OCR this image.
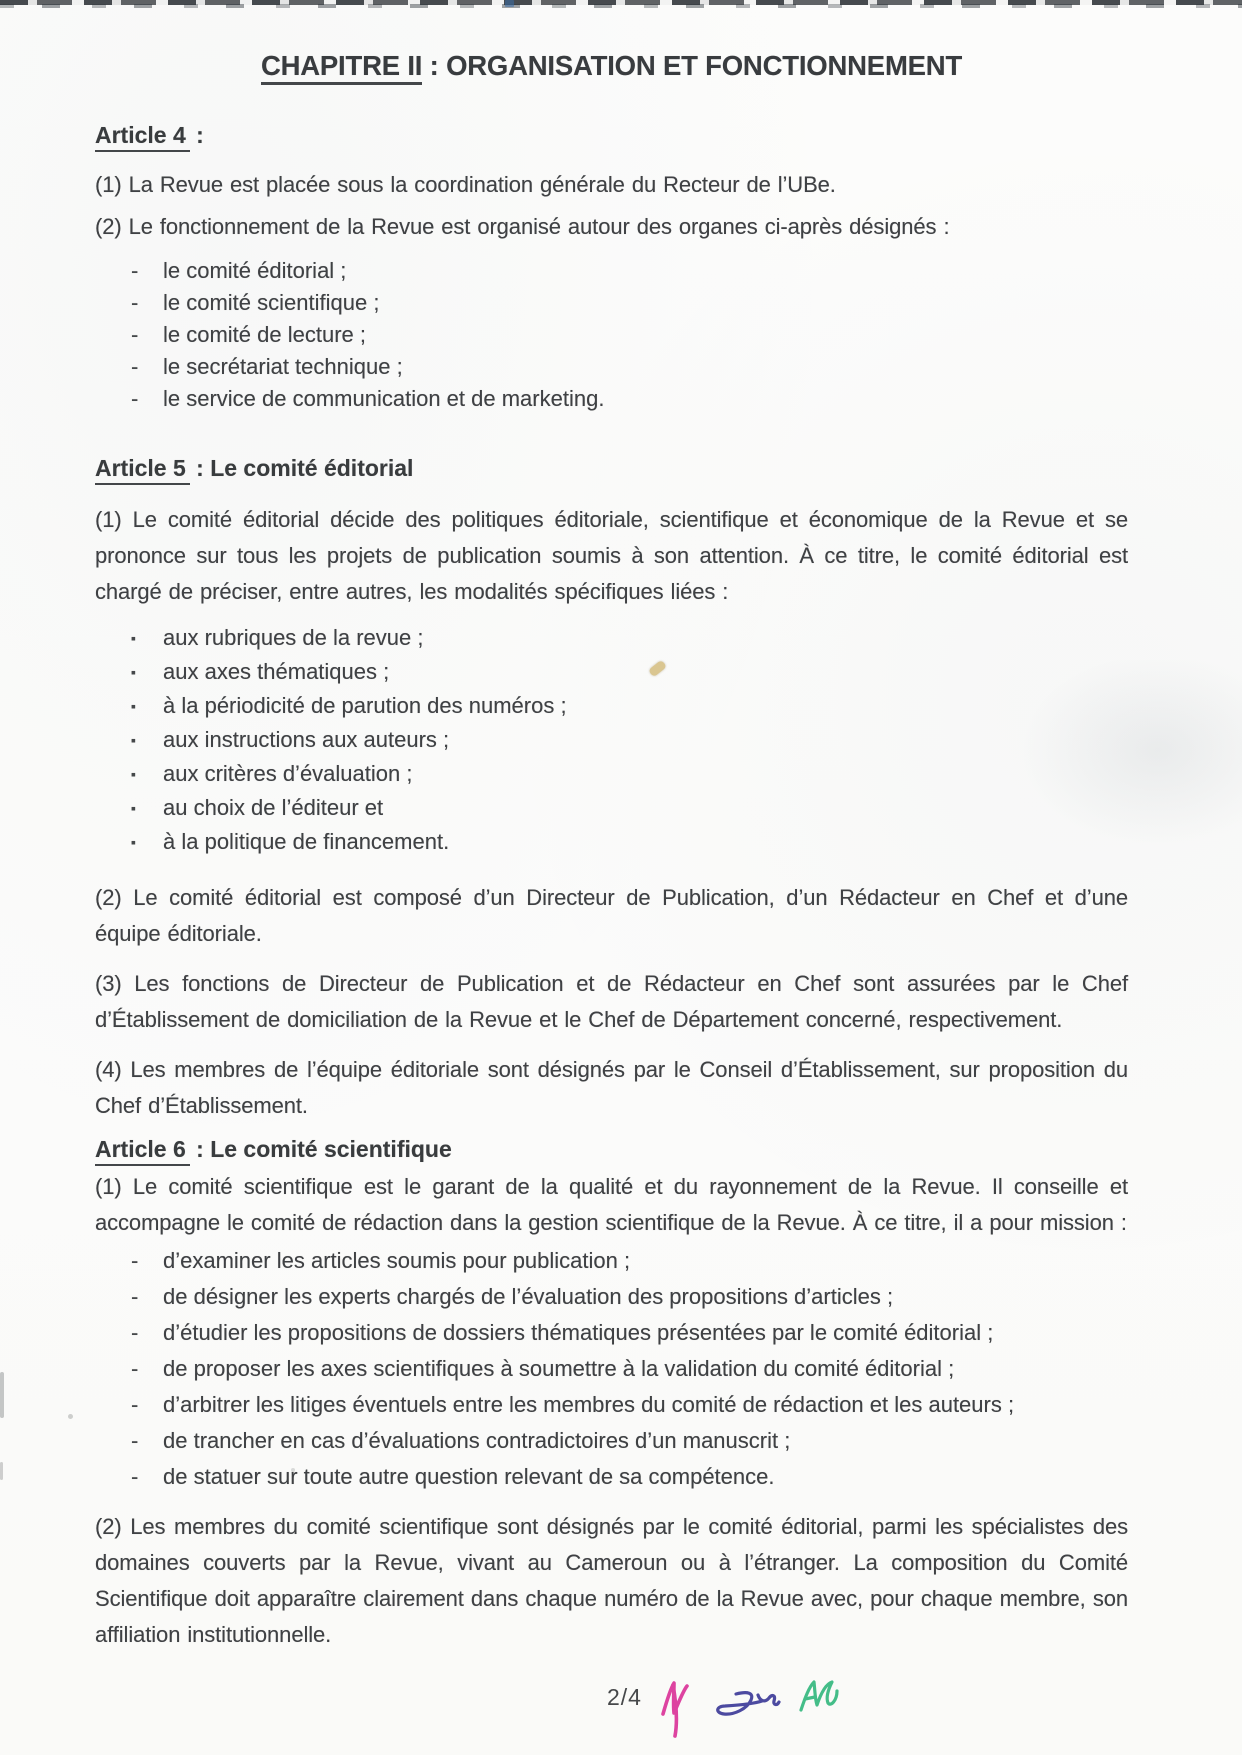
CHAPITRE II : ORGANISATION ET FONCTIONNEMENT
Article 4 :

(1) La Revue est placée sous la coordination générale du Recteur de l’UBe.

(2) Le fonctionnement de la Revue est organisé autour des organes ci-après désignés :

-	le comité éditorial ;
-	le comité scientifique ;
-	le comité de lecture ;
-	le secrétariat technique ;
-	le service de communication et de marketing.
Article 5 : Le comité éditorial

(1) Le comité éditorial décide des politiques éditoriale, scientifique et économique de la Revue et se prononce sur tous les projets de publication soumis à son attention. À ce titre, le comité éditorial est chargé de préciser, entre autres, les modalités spécifiques liées :

▪	aux rubriques de la revue ;
▪	aux axes thématiques ;
▪	à la périodicité de parution des numéros ;
▪	aux instructions aux auteurs ;
▪	aux critères d’évaluation ;
▪	au choix de l’éditeur et
▪	à la politique de financement.

(2) Le comité éditorial est composé d’un Directeur de Publication, d’un Rédacteur en Chef et d’une équipe éditoriale.

(3) Les fonctions de Directeur de Publication et de Rédacteur en Chef sont assurées par le Chef d’Établissement de domiciliation de la Revue et le Chef de Département concerné, respectivement.

(4) Les membres de l’équipe éditoriale sont désignés par le Conseil d’Établissement, sur proposition du Chef d’Établissement.

Article 6 : Le comité scientifique

(1) Le comité scientifique est le garant de la qualité et du rayonnement de la Revue. Il conseille et accompagne le comité de rédaction dans la gestion scientifique de la Revue. À ce titre, il a pour mission :

-	d’examiner les articles soumis pour publication ;
-	de désigner les experts chargés de l’évaluation des propositions d’articles ;
-	d’étudier les propositions de dossiers thématiques présentées par le comité éditorial ;
-	de proposer les axes scientifiques à soumettre à la validation du comité éditorial ;
-	d’arbitrer les litiges éventuels entre les membres du comité de rédaction et les auteurs ;
-	de trancher en cas d’évaluations contradictoires d’un manuscrit ;
-	de statuer sur toute autre question relevant de sa compétence.

(2) Les membres du comité scientifique sont désignés par le comité éditorial, parmi les spécialistes des domaines couverts par la Revue, vivant au Cameroun ou à l’étranger. La composition du Comité Scientifique doit apparaître clairement dans chaque numéro de la Revue avec, pour chaque membre, son affiliation institutionnelle.

2/4
